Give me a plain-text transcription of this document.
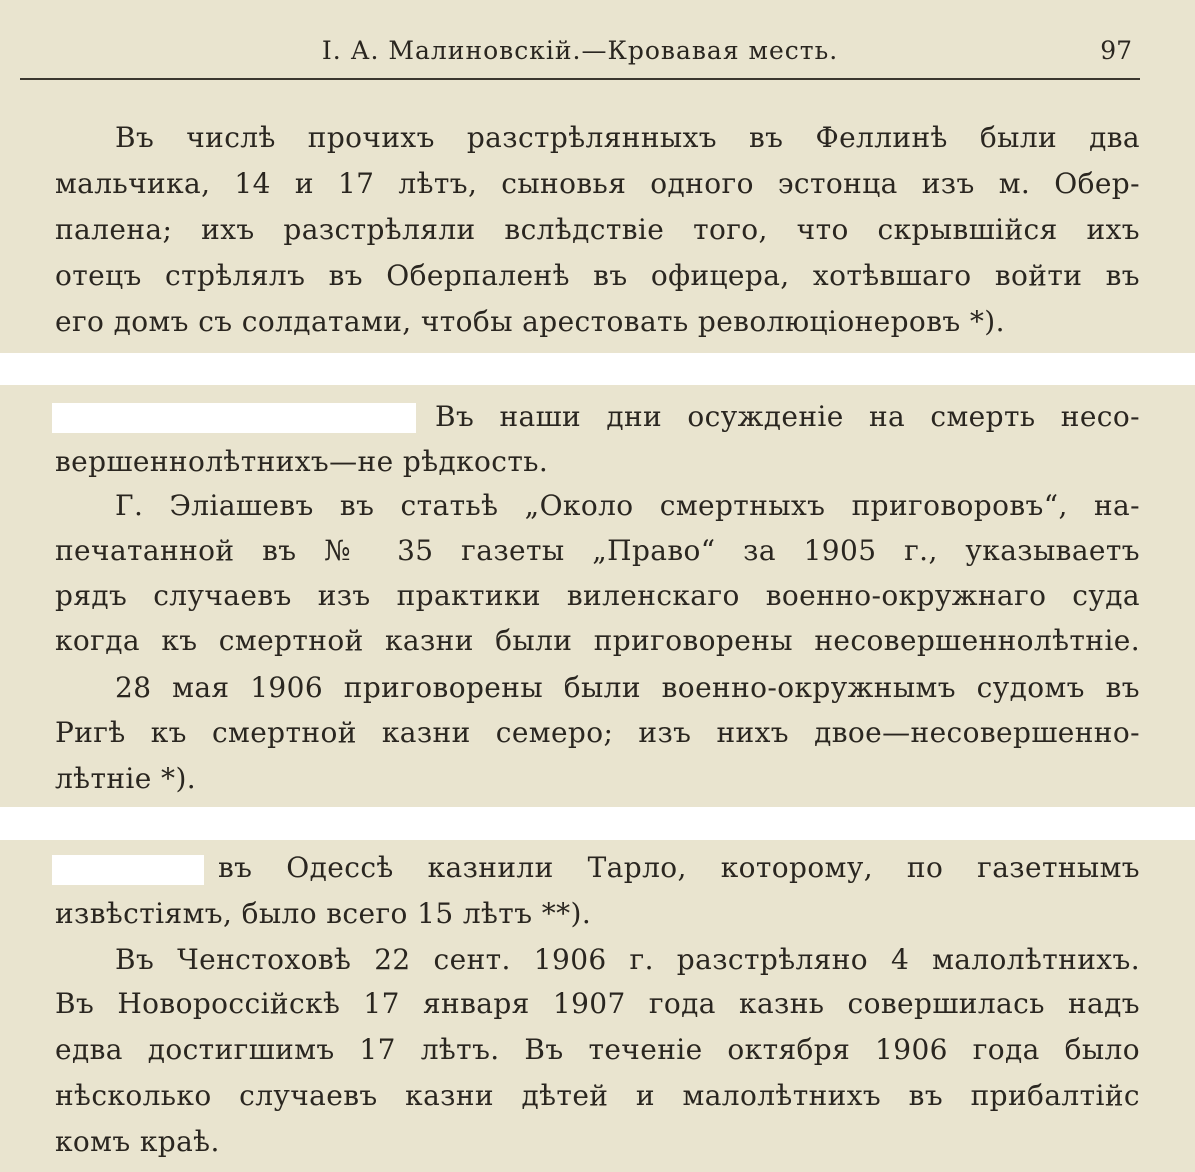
I. А. Малиновскій.—Кровавая месть.	97
Въ числѣ прочихъ разстрѣлянныхъ въ Феллинѣ были два
мальчика, 14 и 17 лѣтъ, сыновья одного эстонца изъ м. Обер-
палена; ихъ разстрѣляли вслѣдствіе того, что скрывшійся ихъ
отецъ стрѣлялъ въ Оберпаленѣ въ офицера, хотѣвшаго войти въ
его домъ съ солдатами, чтобы арестовать революціонеровъ *).
Въ наши дни осужденіе на смерть несо-
вершеннолѣтнихъ—не рѣдкость.
Г. Эліашевъ въ статьѣ „Около смертныхъ приговоровъ“, на-
печатанной въ № 35 газеты „Право“ за 1905 г., указываетъ
рядъ случаевъ изъ практики виленскаго военно-окружнаго суда
когда къ смертной казни были приговорены несовершеннолѣтніе.
28 мая 1906 приговорены были военно-окружнымъ судомъ въ
Ригѣ къ смертной казни семеро; изъ нихъ двое—несовершенно-
лѣтніе *).
въ Одессѣ казнили Тарло, которому, по газетнымъ
извѣстіямъ, было всего 15 лѣтъ **).
Въ Ченстоховѣ 22 сент. 1906 г. разстрѣляно 4 малолѣтнихъ.
Въ Новороссійскѣ 17 января 1907 года казнь совершилась надъ
едва достигшимъ 17 лѣтъ. Въ теченіе октября 1906 года было
нѣсколько случаевъ казни дѣтей и малолѣтнихъ въ прибалтійс
комъ краѣ.
